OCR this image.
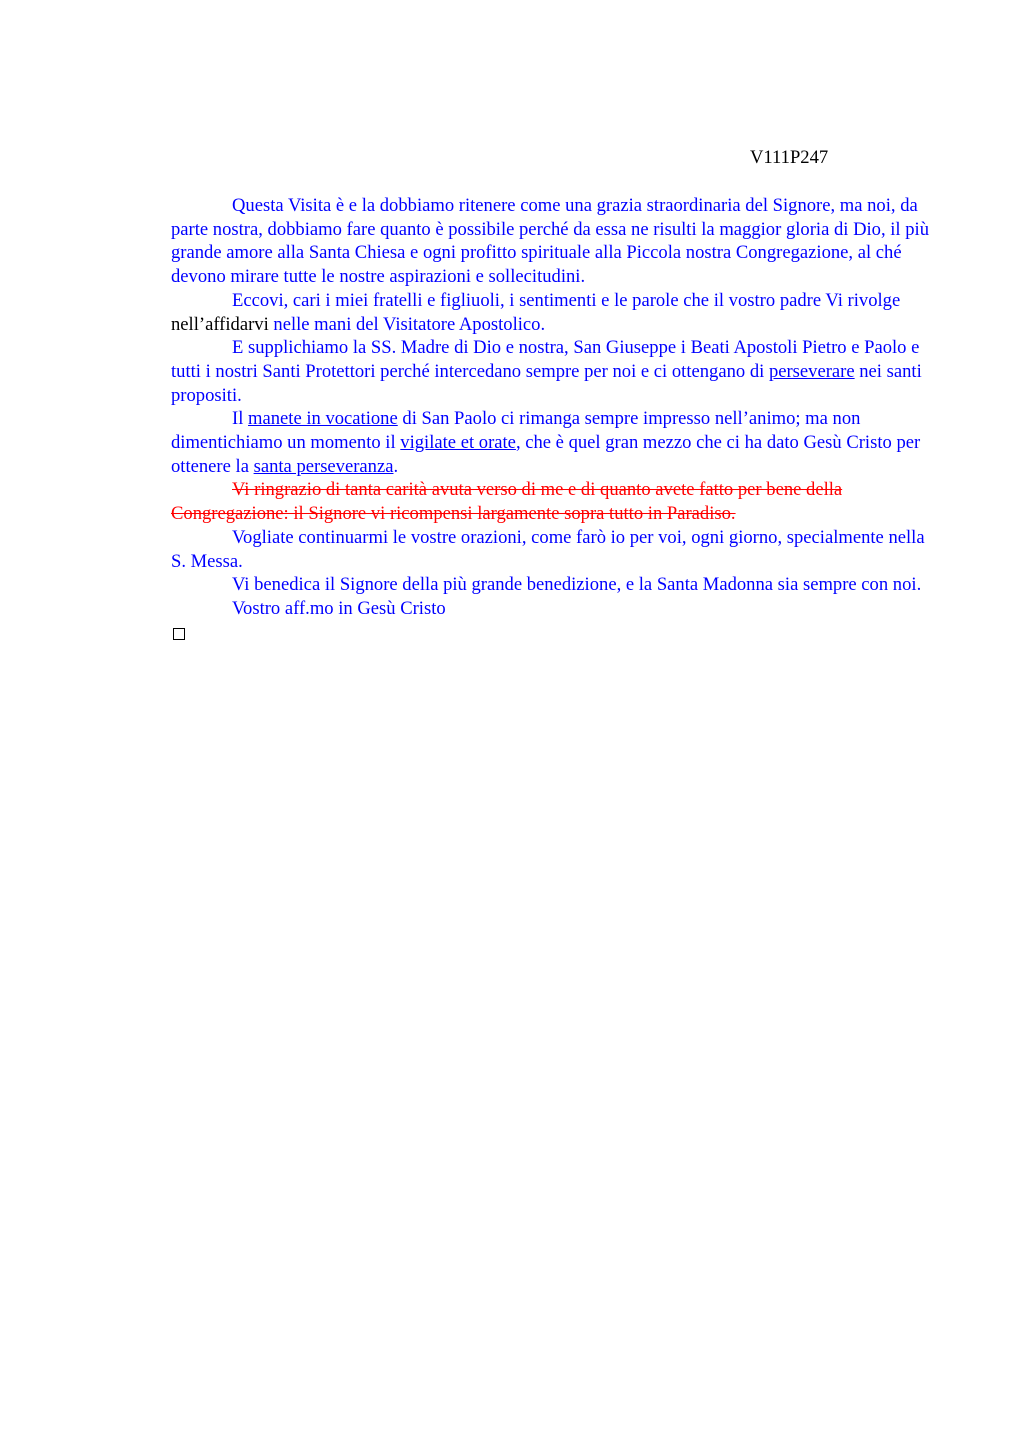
V111P247

Questa Visita è e la dobbiamo ritenere come una grazia straordinaria del Signore, ma noi, da parte nostra, dobbiamo fare quanto è possibile perché da essa ne risulti la maggior gloria di Dio, il più grande amore alla Santa Chiesa e ogni profitto spirituale alla Piccola nostra Congregazione, al ché devono mirare tutte le nostre aspirazioni e sollecitudini.

Eccovi, cari i miei fratelli e figliuoli, i sentimenti e le parole che il vostro padre Vi rivolge nell’affidarvi nelle mani del Visitatore Apostolico.

E supplichiamo la SS. Madre di Dio e nostra, San Giuseppe i Beati Apostoli Pietro e Paolo e tutti i nostri Santi Protettori perché intercedano sempre per noi e ci ottengano di perseverare nei santi propositi.

Il manete in vocatione di San Paolo ci rimanga sempre impresso nell’animo; ma non dimentichiamo un momento il vigilate et orate, che è quel gran mezzo che ci ha dato Gesù Cristo per ottenere la santa perseveranza.

Vi ringrazio di tanta carità avuta verso di me e di quanto avete fatto per bene della Congregazione: il Signore vi ricompensi largamente sopra tutto in Paradiso.

Vogliate continuarmi le vostre orazioni, come farò io per voi, ogni giorno, specialmente nella S. Messa.

Vi benedica il Signore della più grande benedizione, e la Santa Madonna sia sempre con noi.

Vostro aff.mo in Gesù Cristo
